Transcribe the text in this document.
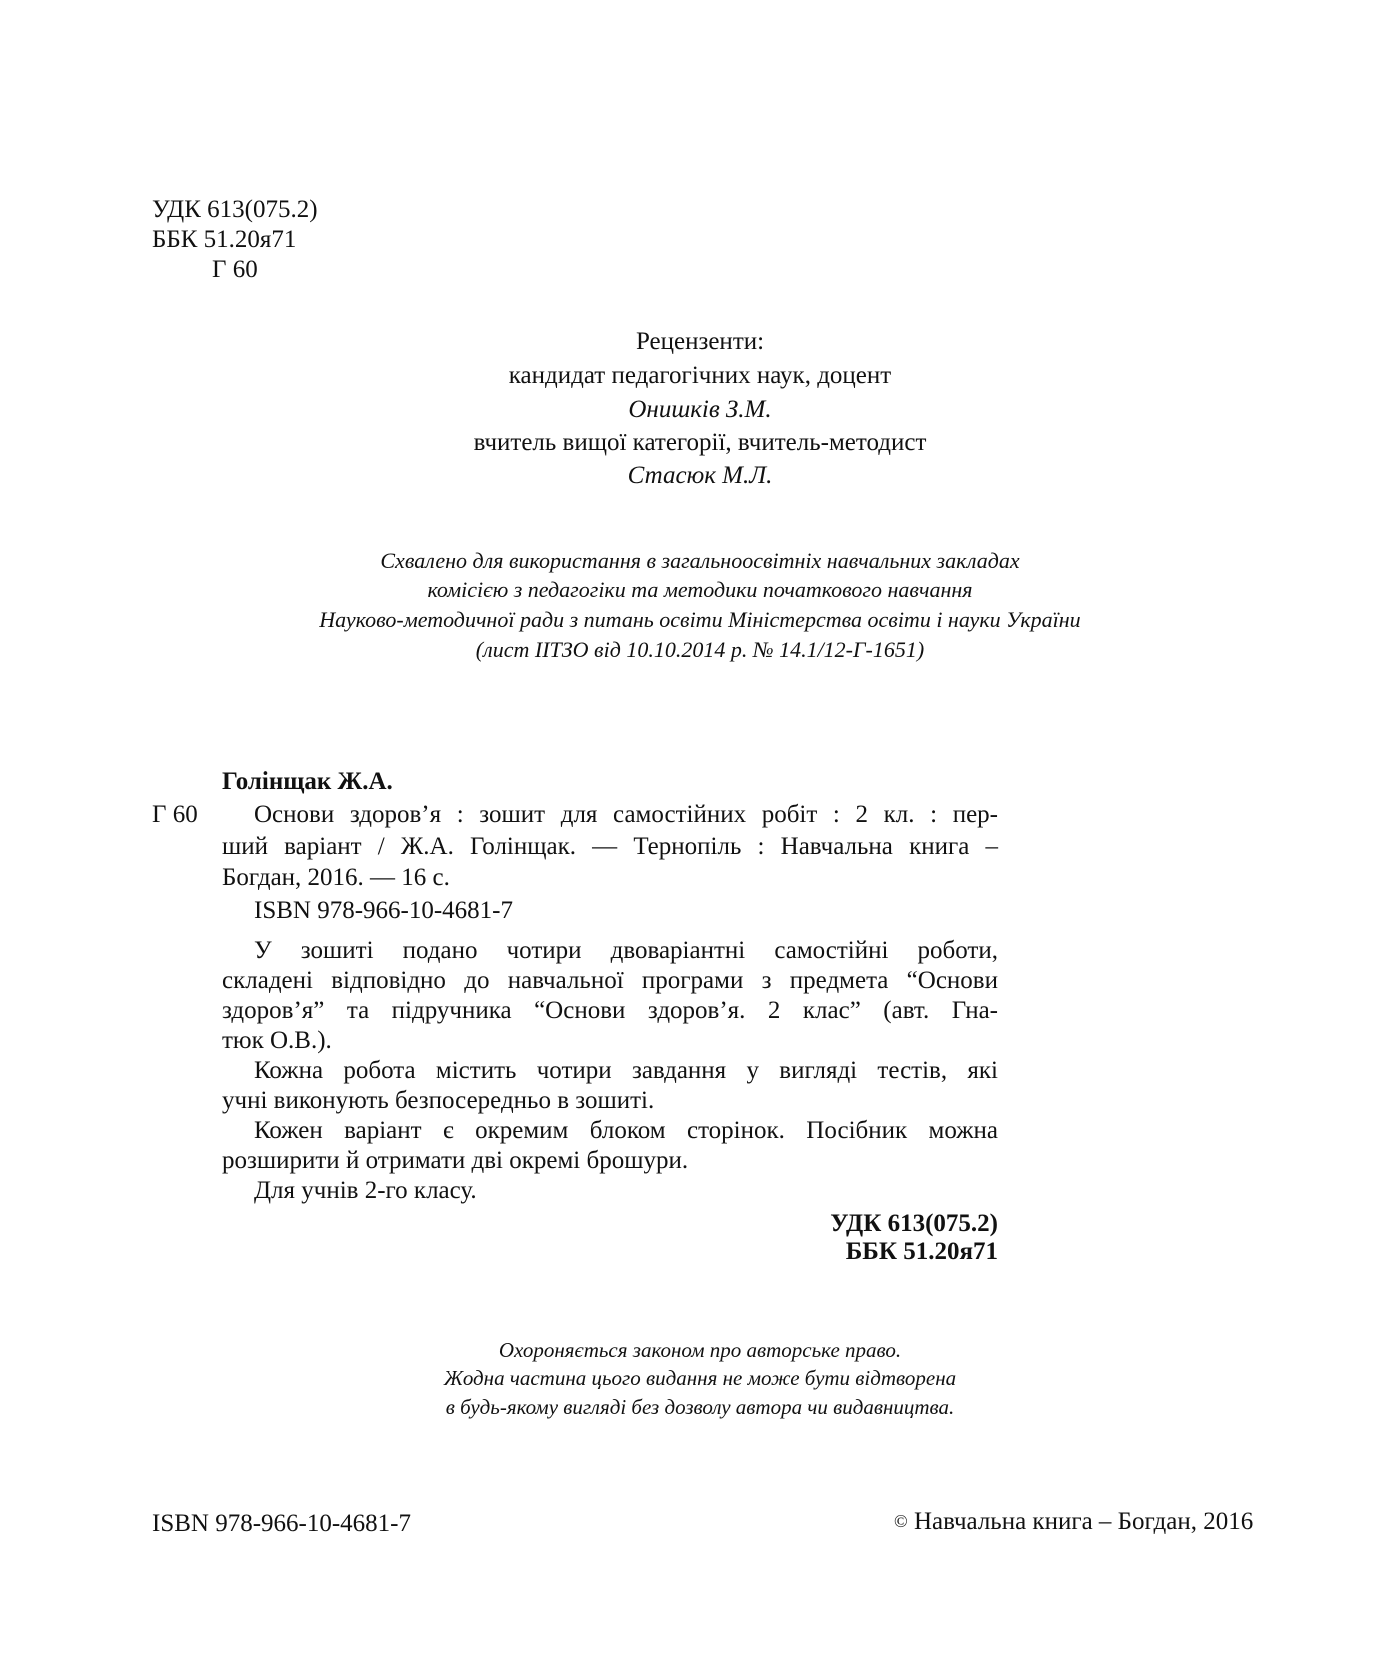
УДК 613(075.2)
ББК 51.20я71
Г 60
Рецензенти:
кандидат педагогічних наук, доцент
Онишків З.М.
вчитель вищої категорії, вчитель-методист
Стасюк М.Л.
Схвалено для використання в загальноосвітніх навчальних закладах
комісією з педагогіки та методики початкового навчання
Науково-методичної ради з питань освіти Міністерства освіти і науки України
(лист ІІТЗО від 10.10.2014 р. № 14.1/12-Г-1651)
Голінщак Ж.А.
Г 60 Основи здоров’я : зошит для самостійних робіт : 2 кл. : пер-
ший варіант / Ж.А. Голінщак. — Тернопіль : Навчальна книга –
Богдан, 2016. — 16 с.
ISBN 978-966-10-4681-7
У зошиті подано чотири двоваріантні самостійні роботи,
складені відповідно до навчальної програми з предмета “Основи
здоров’я” та підручника “Основи здоров’я. 2 клас” (авт. Гна-
тюк О.В.).
Кожна робота містить чотири завдання у вигляді тестів, які
учні виконують безпосередньо в зошиті.
Кожен варіант є окремим блоком сторінок. Посібник можна
розширити й отримати дві окремі брошури.
Для учнів 2-го класу.
УДК 613(075.2)
ББК 51.20я71
Охороняється законом про авторське право.
Жодна частина цього видання не може бути відтворена
в будь-якому вигляді без дозволу автора чи видавництва.
ISBN 978-966-10-4681-7	© Навчальна книга – Богдан, 2016
